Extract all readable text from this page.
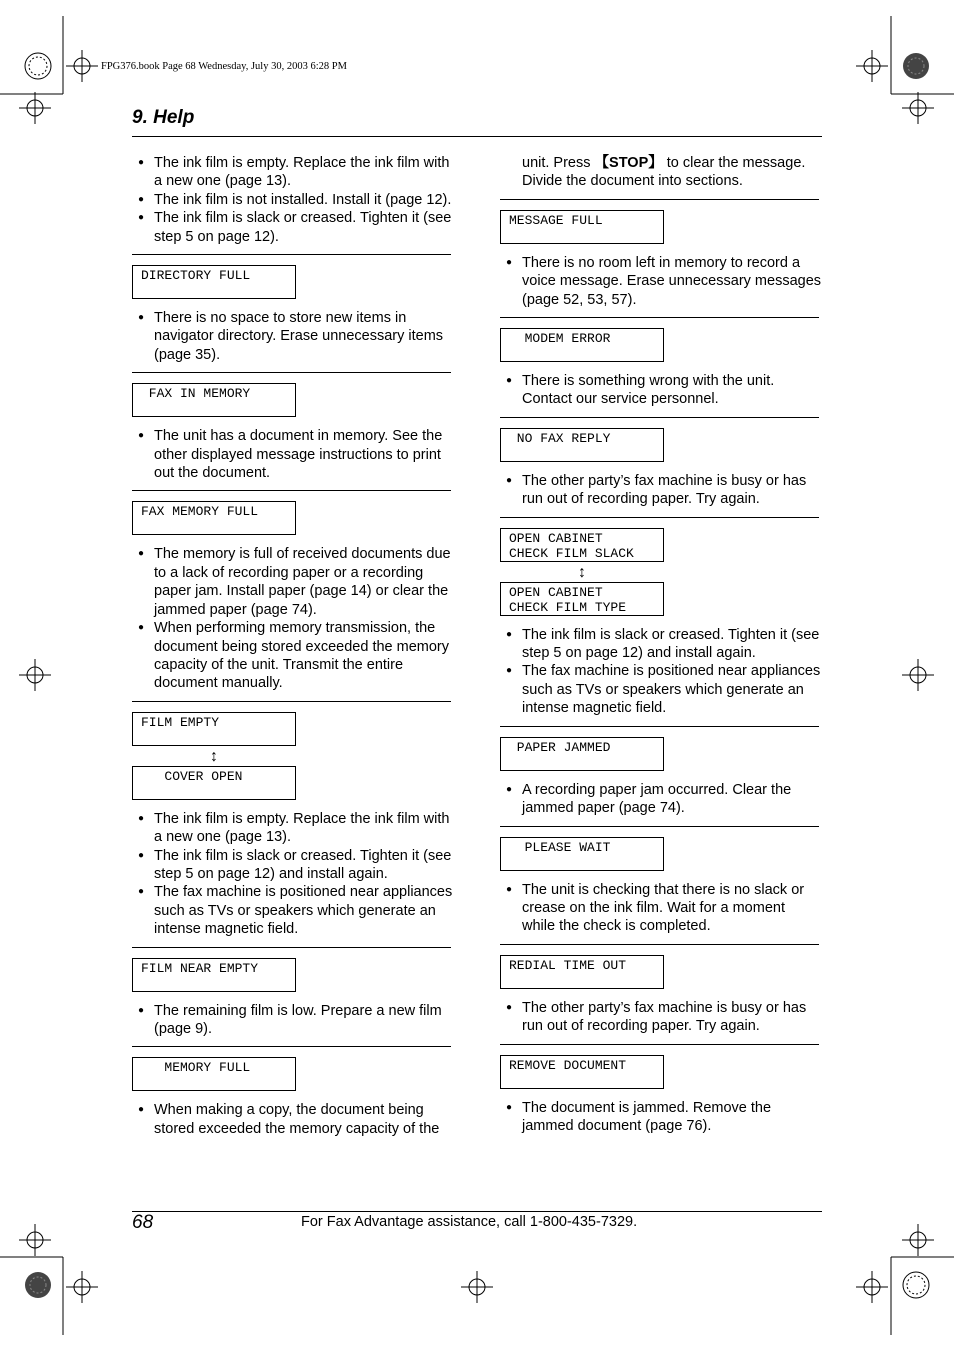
FPG376.book Page 68 Wednesday, July 30, 2003 6:28 PM
9. Help
● The ink film is empty. Replace the ink film with a new one (page 13).
● The ink film is not installed. Install it (page 12).
● The ink film is slack or creased. Tighten it (see step 5 on page 12).
DIRECTORY FULL
● There is no space to store new items in navigator directory. Erase unnecessary items (page 35).
FAX IN MEMORY
● The unit has a document in memory. See the other displayed message instructions to print out the document.
FAX MEMORY FULL
● The memory is full of received documents due to a lack of recording paper or a recording paper jam. Install paper (page 14) or clear the jammed paper (page 74).
● When performing memory transmission, the document being stored exceeded the memory capacity of the unit. Transmit the entire document manually.
FILM EMPTY
↕
COVER OPEN
● The ink film is empty. Replace the ink film with a new one (page 13).
● The ink film is slack or creased. Tighten it (see step 5 on page 12) and install again.
● The fax machine is positioned near appliances such as TVs or speakers which generate an intense magnetic field.
FILM NEAR EMPTY
● The remaining film is low. Prepare a new film (page 9).
MEMORY FULL
● When making a copy, the document being stored exceeded the memory capacity of the

unit. Press 【STOP】 to clear the message. Divide the document into sections.

MESSAGE FULL
● There is no room left in memory to record a voice message. Erase unnecessary messages (page 52, 53, 57).
MODEM ERROR
● There is something wrong with the unit. Contact our service personnel.
NO FAX REPLY
● The other party’s fax machine is busy or has run out of recording paper. Try again.
OPEN CABINET
CHECK FILM SLACK
↕
OPEN CABINET
CHECK FILM TYPE
● The ink film is slack or creased. Tighten it (see step 5 on page 12) and install again.
● The fax machine is positioned near appliances such as TVs or speakers which generate an intense magnetic field.
PAPER JAMMED
● A recording paper jam occurred. Clear the jammed paper (page 74).
PLEASE WAIT
● The unit is checking that there is no slack or crease on the ink film. Wait for a moment while the check is completed.
REDIAL TIME OUT
● The other party’s fax machine is busy or has run out of recording paper. Try again.
REMOVE DOCUMENT
● The document is jammed. Remove the jammed document (page 76).
68	For Fax Advantage assistance, call 1-800-435-7329.
